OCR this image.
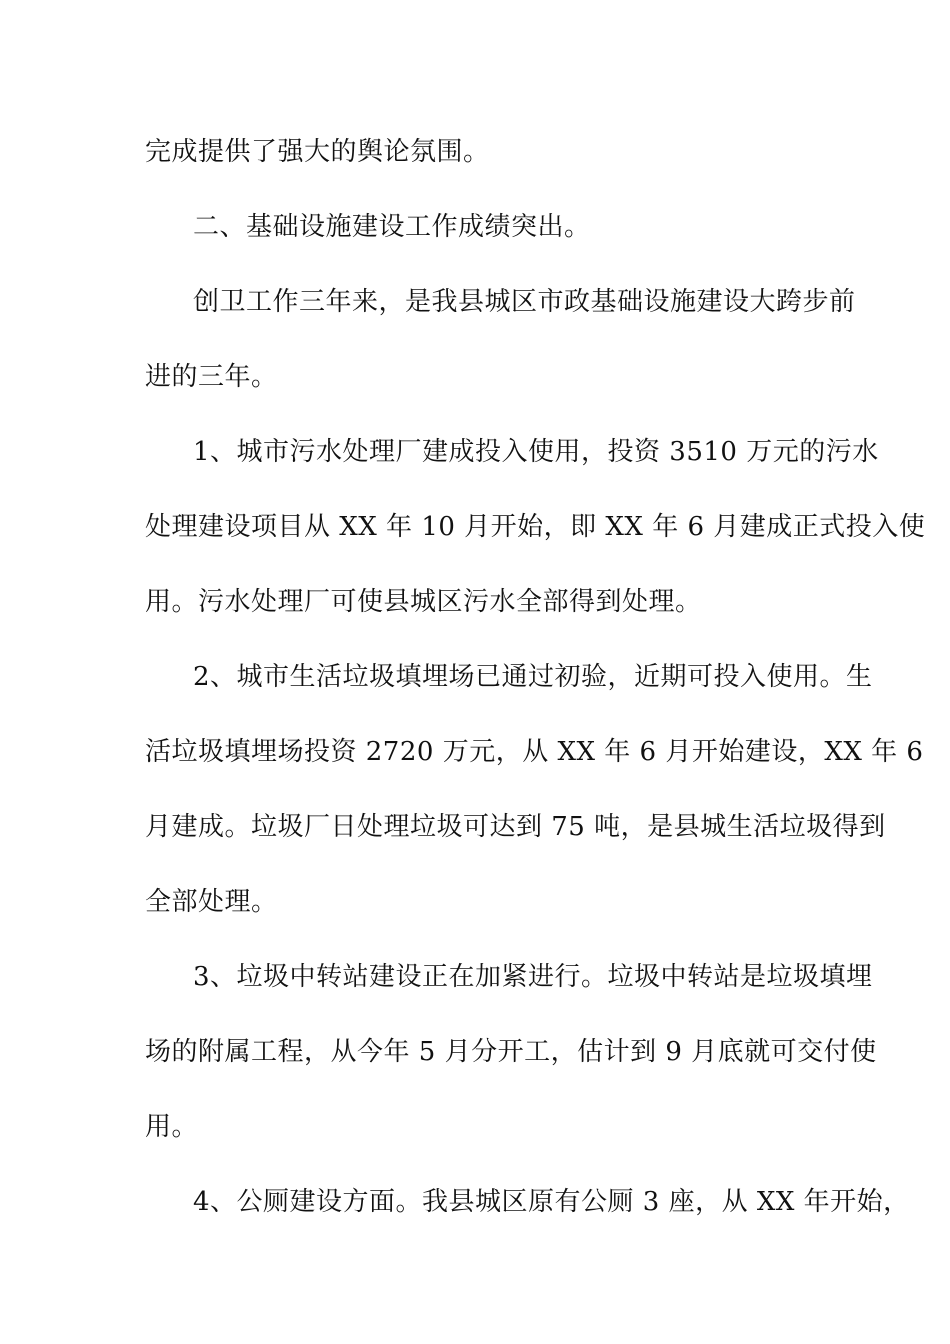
完成提供了强大的舆论氛围。
二、基础设施建设工作成绩突出。
创卫工作三年来，是我县城区市政基础设施建设大跨步前
进的三年。
1、城市污水处理厂建成投入使用，投资 3510 万元的污水
处理建设项目从 XX 年 10 月开始，即 XX 年 6 月建成正式投入使
用。污水处理厂可使县城区污水全部得到处理。
2、城市生活垃圾填埋场已通过初验，近期可投入使用。生
活垃圾填埋场投资 2720 万元，从 XX 年 6 月开始建设，XX 年 6
月建成。垃圾厂日处理垃圾可达到 75 吨，是县城生活垃圾得到
全部处理。
3、垃圾中转站建设正在加紧进行。垃圾中转站是垃圾填埋
场的附属工程，从今年 5 月分开工，估计到 9 月底就可交付使
用。
4、公厕建设方面。我县城区原有公厕 3 座，从 XX 年开始，
